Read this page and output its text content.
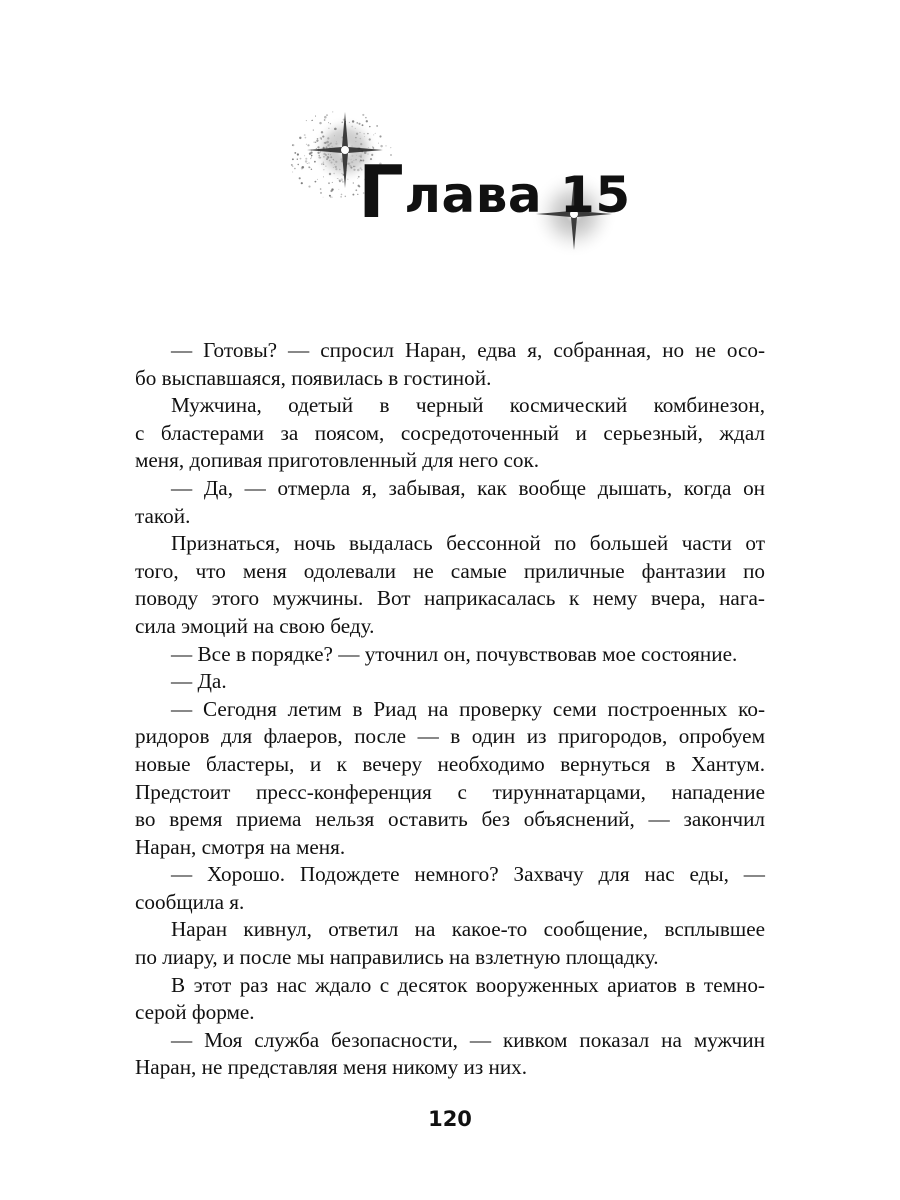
Глава 15
— Готовы? — спросил Наран, едва я, собранная, но не осо-
бо выспавшаяся, появилась в гостиной.
Мужчина, одетый в черный космический комбинезон,
с бластерами за поясом, сосредоточенный и серьезный, ждал
меня, допивая приготовленный для него сок.
— Да, — отмерла я, забывая, как вообще дышать, когда он
такой.
Признаться, ночь выдалась бессонной по большей части от
того, что меня одолевали не самые приличные фантазии по
поводу этого мужчины. Вот наприкасалась к нему вчера, нага-
сила эмоций на свою беду.
— Все в порядке? — уточнил он, почувствовав мое состояние.
— Да.
— Сегодня летим в Риад на проверку семи построенных ко-
ридоров для флаеров, после — в один из пригородов, опробуем
новые бластеры, и к вечеру необходимо вернуться в Хантум.
Предстоит пресс-конференция с тируннатарцами, нападение
во время приема нельзя оставить без объяснений, — закончил
Наран, смотря на меня.
— Хорошо. Подождете немного? Захвачу для нас еды, —
сообщила я.
Наран кивнул, ответил на какое-то сообщение, всплывшее
по лиару, и после мы направились на взлетную площадку.
В этот раз нас ждало с десяток вооруженных ариатов в темно-
серой форме.
— Моя служба безопасности, — кивком показал на мужчин
Наран, не представляя меня никому из них.
120
